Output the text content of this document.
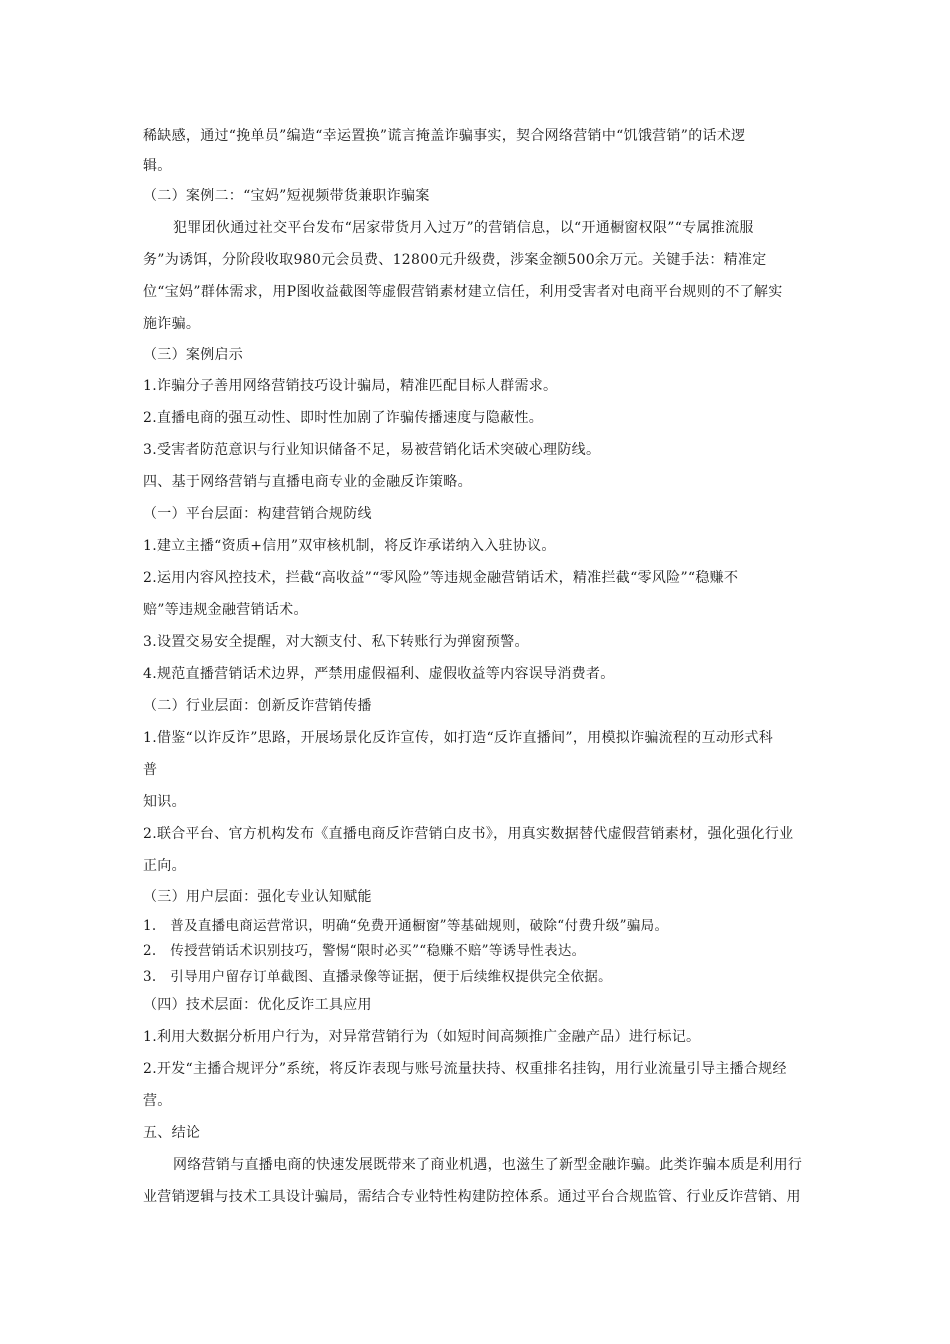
稀缺感，通过“挽单员”编造“幸运置换”谎言掩盖诈骗事实，契合网络营销中“饥饿营销”的话术逻
辑。
（二）案例二：“宝妈”短视频带货兼职诈骗案
犯罪团伙通过社交平台发布“居家带货月入过万”的营销信息，以“开通橱窗权限”“专属推流服
务”为诱饵，分阶段收取980元会员费、12800元升级费，涉案金额500余万元。关键手法：精准定
位“宝妈”群体需求，用P图收益截图等虚假营销素材建立信任，利用受害者对电商平台规则的不了解实
施诈骗。
（三）案例启示
1.诈骗分子善用网络营销技巧设计骗局，精准匹配目标人群需求。
2.直播电商的强互动性、即时性加剧了诈骗传播速度与隐蔽性。
3.受害者防范意识与行业知识储备不足，易被营销化话术突破心理防线。
四、基于网络营销与直播电商专业的金融反诈策略。
（一）平台层面：构建营销合规防线
1.建立主播“资质+信用”双审核机制，将反诈承诺纳入入驻协议。
2.运用内容风控技术，拦截“高收益”“零风险”等违规金融营销话术，精准拦截“零风险”“稳赚不
赔”等违规金融营销话术。
3.设置交易安全提醒，对大额支付、私下转账行为弹窗预警。
4.规范直播营销话术边界，严禁用虚假福利、虚假收益等内容误导消费者。
（二）行业层面：创新反诈营销传播
1.借鉴“以诈反诈”思路，开展场景化反诈宣传，如打造“反诈直播间”，用模拟诈骗流程的互动形式科
普
知识。
2.联合平台、官方机构发布《直播电商反诈营销白皮书》，用真实数据替代虚假营销素材，强化强化行业
正向。
（三）用户层面：强化专业认知赋能
1.　普及直播电商运营常识，明确“免费开通橱窗”等基础规则，破除“付费升级”骗局。
2.　传授营销话术识别技巧，警惕“限时必买”“稳赚不赔”等诱导性表达。
3.　引导用户留存订单截图、直播录像等证据，便于后续维权提供完全依据。
（四）技术层面：优化反诈工具应用
1.利用大数据分析用户行为，对异常营销行为（如短时间高频推广金融产品）进行标记。
2.开发“主播合规评分”系统，将反诈表现与账号流量扶持、权重排名挂钩，用行业流量引导主播合规经
营。
五、结论
网络营销与直播电商的快速发展既带来了商业机遇，也滋生了新型金融诈骗。此类诈骗本质是利用行
业营销逻辑与技术工具设计骗局，需结合专业特性构建防控体系。通过平台合规监管、行业反诈营销、用
